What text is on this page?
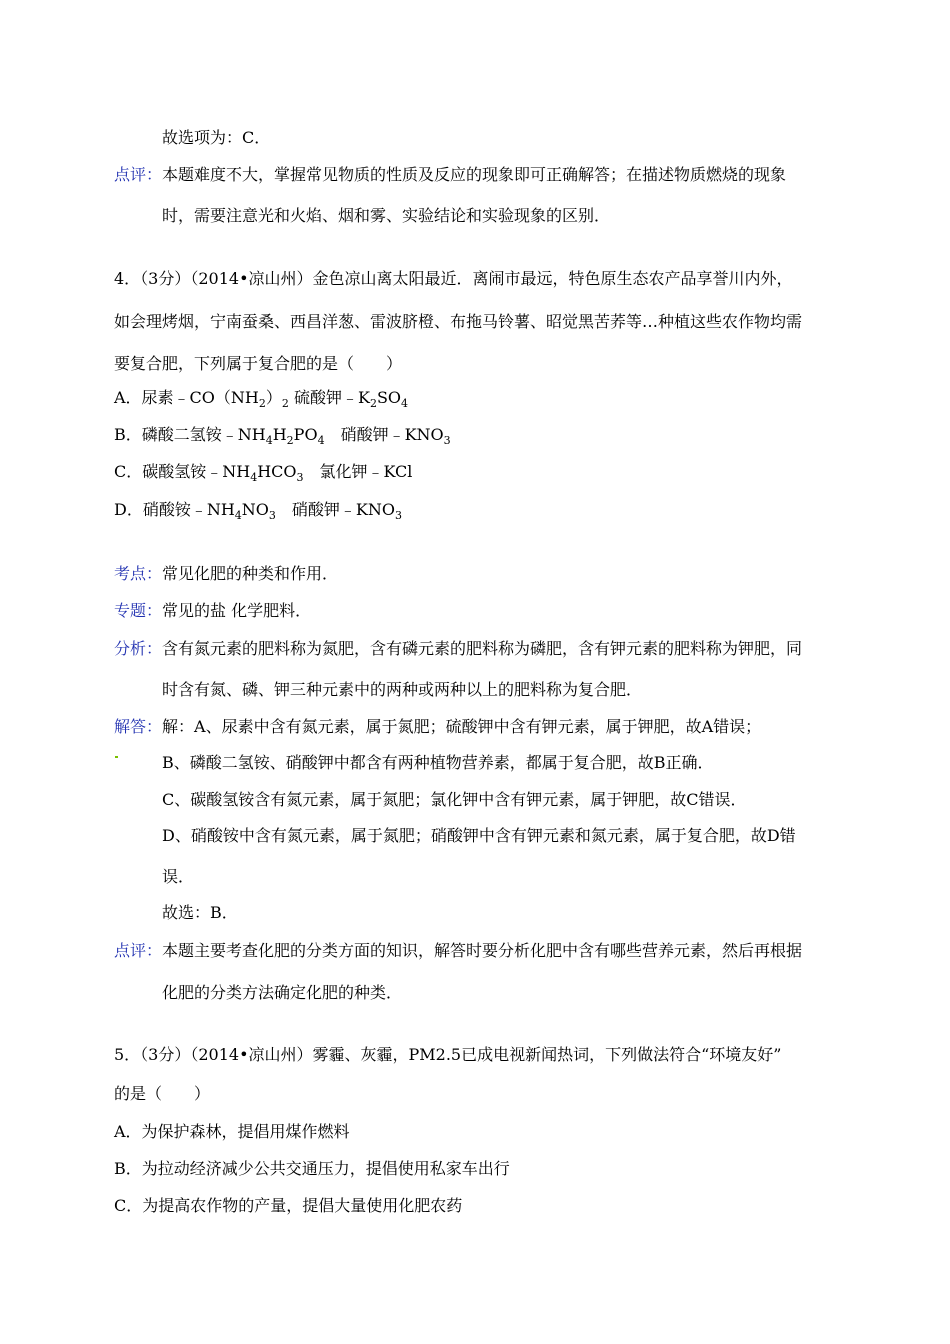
故选项为：C．
点评：本题难度不大，掌握常见物质的性质及反应的现象即可正确解答；在描述物质燃烧的现象
时，需要注意光和火焰、烟和雾、实验结论和实验现象的区别．
4．（3分）（2014•凉山州）金色凉山离太阳最近．离闹市最远，特色原生态农产品享誉川内外，
如会理烤烟，宁南蚕桑、西昌洋葱、雷波脐橙、布拖马铃薯、昭觉黑苦荞等…种植这些农作物均需
要复合肥，下列属于复合肥的是（　　）
A．尿素$﹣CO(NH_2)_2$ 硫酸钾$﹣K_2SO_4$
B．磷酸二氢铵$﹣NH_4H_2PO_4$　硝酸钾$﹣KNO_3$
C．碳酸氢铵$﹣NH_4HCO_3$　氯化钾﹣KCl
D．硝酸铵$﹣NH_4NO_3$　硝酸钾$﹣KNO_3$
考点：常见化肥的种类和作用．
专题：常见的盐 化学肥料．
分析：含有氮元素的肥料称为氮肥，含有磷元素的肥料称为磷肥，含有钾元素的肥料称为钾肥，同
时含有氮、磷、钾三种元素中的两种或两种以上的肥料称为复合肥．
解答：解：A、尿素中含有氮元素，属于氮肥；硫酸钾中含有钾元素，属于钾肥，故A错误；
B、磷酸二氢铵、硝酸钾中都含有两种植物营养素，都属于复合肥，故B正确．
C、碳酸氢铵含有氮元素，属于氮肥；氯化钾中含有钾元素，属于钾肥，故C错误．
D、硝酸铵中含有氮元素，属于氮肥；硝酸钾中含有钾元素和氮元素，属于复合肥，故D错
误．
故选：B．
点评：本题主要考查化肥的分类方面的知识，解答时要分析化肥中含有哪些营养元素，然后再根据
化肥的分类方法确定化肥的种类．
5．（3分）（2014•凉山州）雾霾、灰霾，PM2.5已成电视新闻热词，下列做法符合“环境友好”
的是（　　）
A．为保护森林，提倡用煤作燃料
B．为拉动经济减少公共交通压力，提倡使用私家车出行
C．为提高农作物的产量，提倡大量使用化肥农药
